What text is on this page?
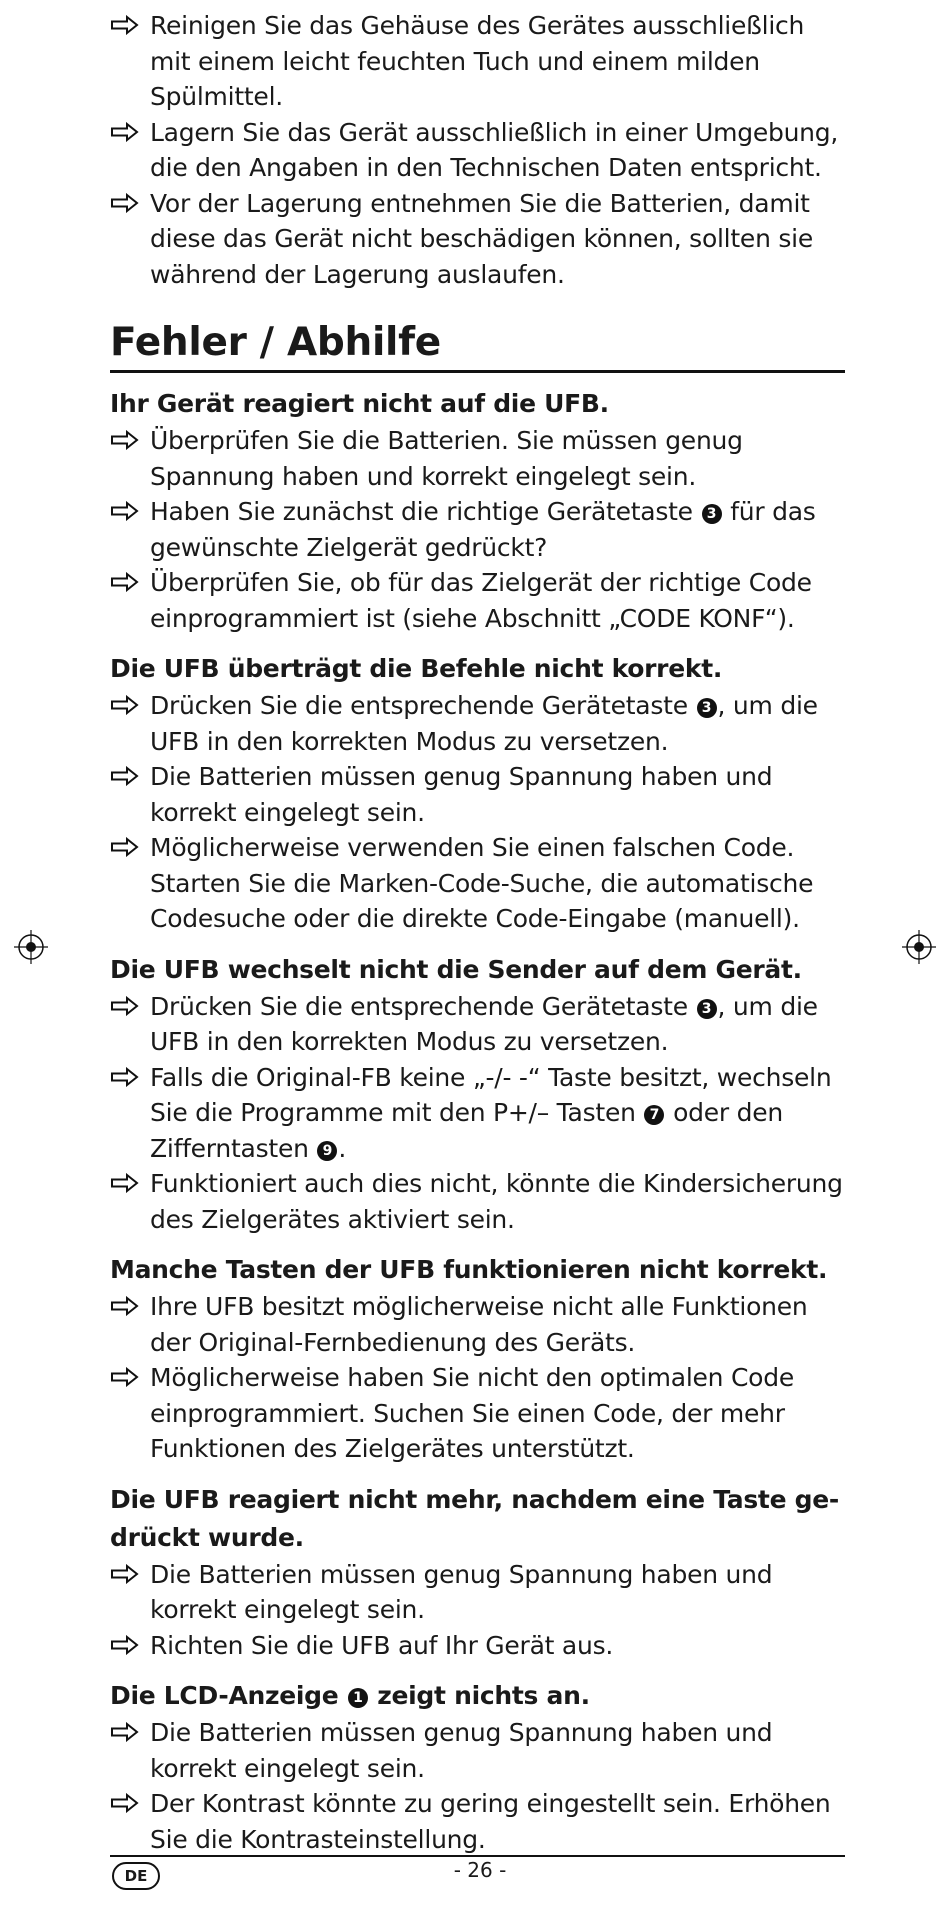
Reinigen Sie das Gehäuse des Gerätes ausschließlich mit einem leicht feuchten Tuch und einem milden Spülmittel.
Lagern Sie das Gerät ausschließlich in einer Umgebung, die den Angaben in den Technischen Daten entspricht.
Vor der Lagerung entnehmen Sie die Batterien, damit diese das Gerät nicht beschädigen können, sollten sie während der Lagerung auslaufen.
Fehler / Abhilfe
Ihr Gerät reagiert nicht auf die UFB.
Überprüfen Sie die Batterien. Sie müssen genug Spannung haben und korrekt eingelegt sein.
Haben Sie zunächst die richtige Gerätetaste 3 für das gewünschte Zielgerät gedrückt?
Überprüfen Sie, ob für das Zielgerät der richtige Code einprogrammiert ist (siehe Abschnitt „CODE KONF“).
Die UFB überträgt die Befehle nicht korrekt.
Drücken Sie die entsprechende Gerätetaste 3 , um die UFB in den korrekten Modus zu versetzen.
Die Batterien müssen genug Spannung haben und korrekt eingelegt sein.
Möglicherweise verwenden Sie einen falschen Code. Starten Sie die Marken-Code-Suche, die automatische Codesuche oder die direkte Code-Eingabe (manuell).
Die UFB wechselt nicht die Sender auf dem Gerät.
Drücken Sie die entsprechende Gerätetaste 3 , um die UFB in den korrekten Modus zu versetzen.
Falls die Original-FB keine „-/- -“ Taste besitzt, wechseln Sie die Programme mit den P+/– Tasten 7 oder den Zifferntasten 9 .
Funktioniert auch dies nicht, könnte die Kindersicherung des Zielgerätes aktiviert sein.
Manche Tasten der UFB funktionieren nicht korrekt.
Ihre UFB besitzt möglicherweise nicht alle Funktionen der Original-Fernbedienung des Geräts.
Möglicherweise haben Sie nicht den optimalen Code einprogrammiert. Suchen Sie einen Code, der mehr Funktionen des Zielgerätes unterstützt.
Die UFB reagiert nicht mehr, nachdem eine Taste gedrückt wurde.
Die Batterien müssen genug Spannung haben und korrekt eingelegt sein.
Richten Sie die UFB auf Ihr Gerät aus.
Die LCD-Anzeige 1 zeigt nichts an.
Die Batterien müssen genug Spannung haben und korrekt eingelegt sein.
Der Kontrast könnte zu gering eingestellt sein. Erhöhen Sie die Kontrasteinstellung.
DE	- 26 -
